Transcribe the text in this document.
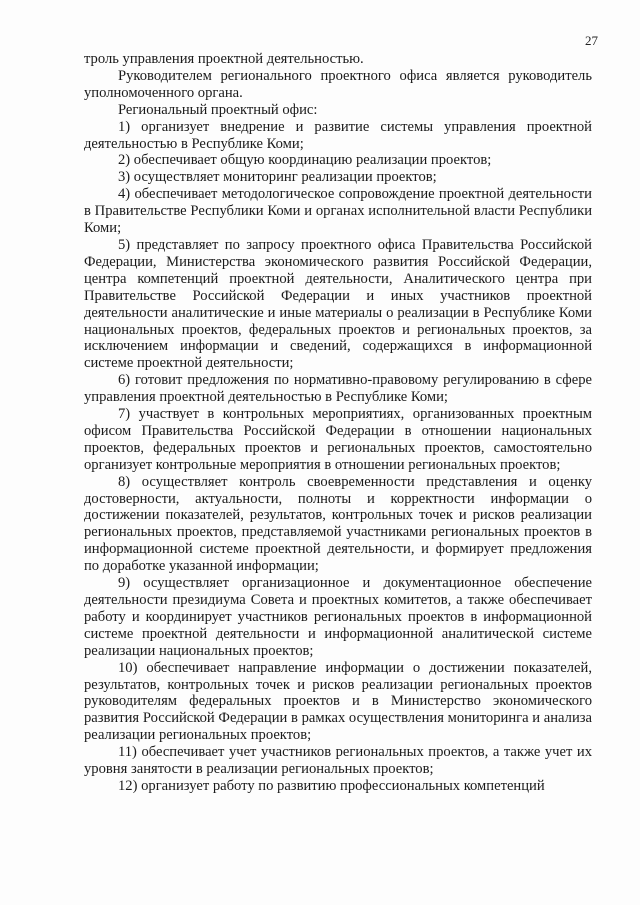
27

троль управления проектной деятельностью.

Руководителем регионального проектного офиса является руководитель уполномоченного органа.

Региональный проектный офис:

1) организует внедрение и развитие системы управления проектной деятельностью в Республике Коми;

2) обеспечивает общую координацию реализации проектов;

3) осуществляет мониторинг реализации проектов;

4) обеспечивает методологическое сопровождение проектной деятельности в Правительстве Республики Коми и органах исполнительной власти Республики Коми;

5) представляет по запросу проектного офиса Правительства Российской Федерации, Министерства экономического развития Российской Федерации, центра компетенций проектной деятельности, Аналитического центра при Правительстве Российской Федерации и иных участников проектной деятельности аналитические и иные материалы о реализации в Республике Коми национальных проектов, федеральных проектов и региональных проектов, за исключением информации и сведений, содержащихся в информационной системе проектной деятельности;

6) готовит предложения по нормативно-правовому регулированию в сфере управления проектной деятельностью в Республике Коми;

7) участвует в контрольных мероприятиях, организованных проектным офисом Правительства Российской Федерации в отношении национальных проектов, федеральных проектов и региональных проектов, самостоятельно организует контрольные мероприятия в отношении региональных проектов;

8) осуществляет контроль своевременности представления и оценку достоверности, актуальности, полноты и корректности информации о достижении показателей, результатов, контрольных точек и рисков реализации региональных проектов, представляемой участниками региональных проектов в информационной системе проектной деятельности, и формирует предложения по доработке указанной информации;

9) осуществляет организационное и документационное обеспечение деятельности президиума Совета и проектных комитетов, а также обеспечивает работу и координирует участников региональных проектов в информационной системе проектной деятельности и информационной аналитической системе реализации национальных проектов;

10) обеспечивает направление информации о достижении показателей, результатов, контрольных точек и рисков реализации региональных проектов руководителям федеральных проектов и в Министерство экономического развития Российской Федерации в рамках осуществления мониторинга и анализа реализации региональных проектов;

11) обеспечивает учет участников региональных проектов, а также учет их уровня занятости в реализации региональных проектов;

12) организует работу по развитию профессиональных компетенций
